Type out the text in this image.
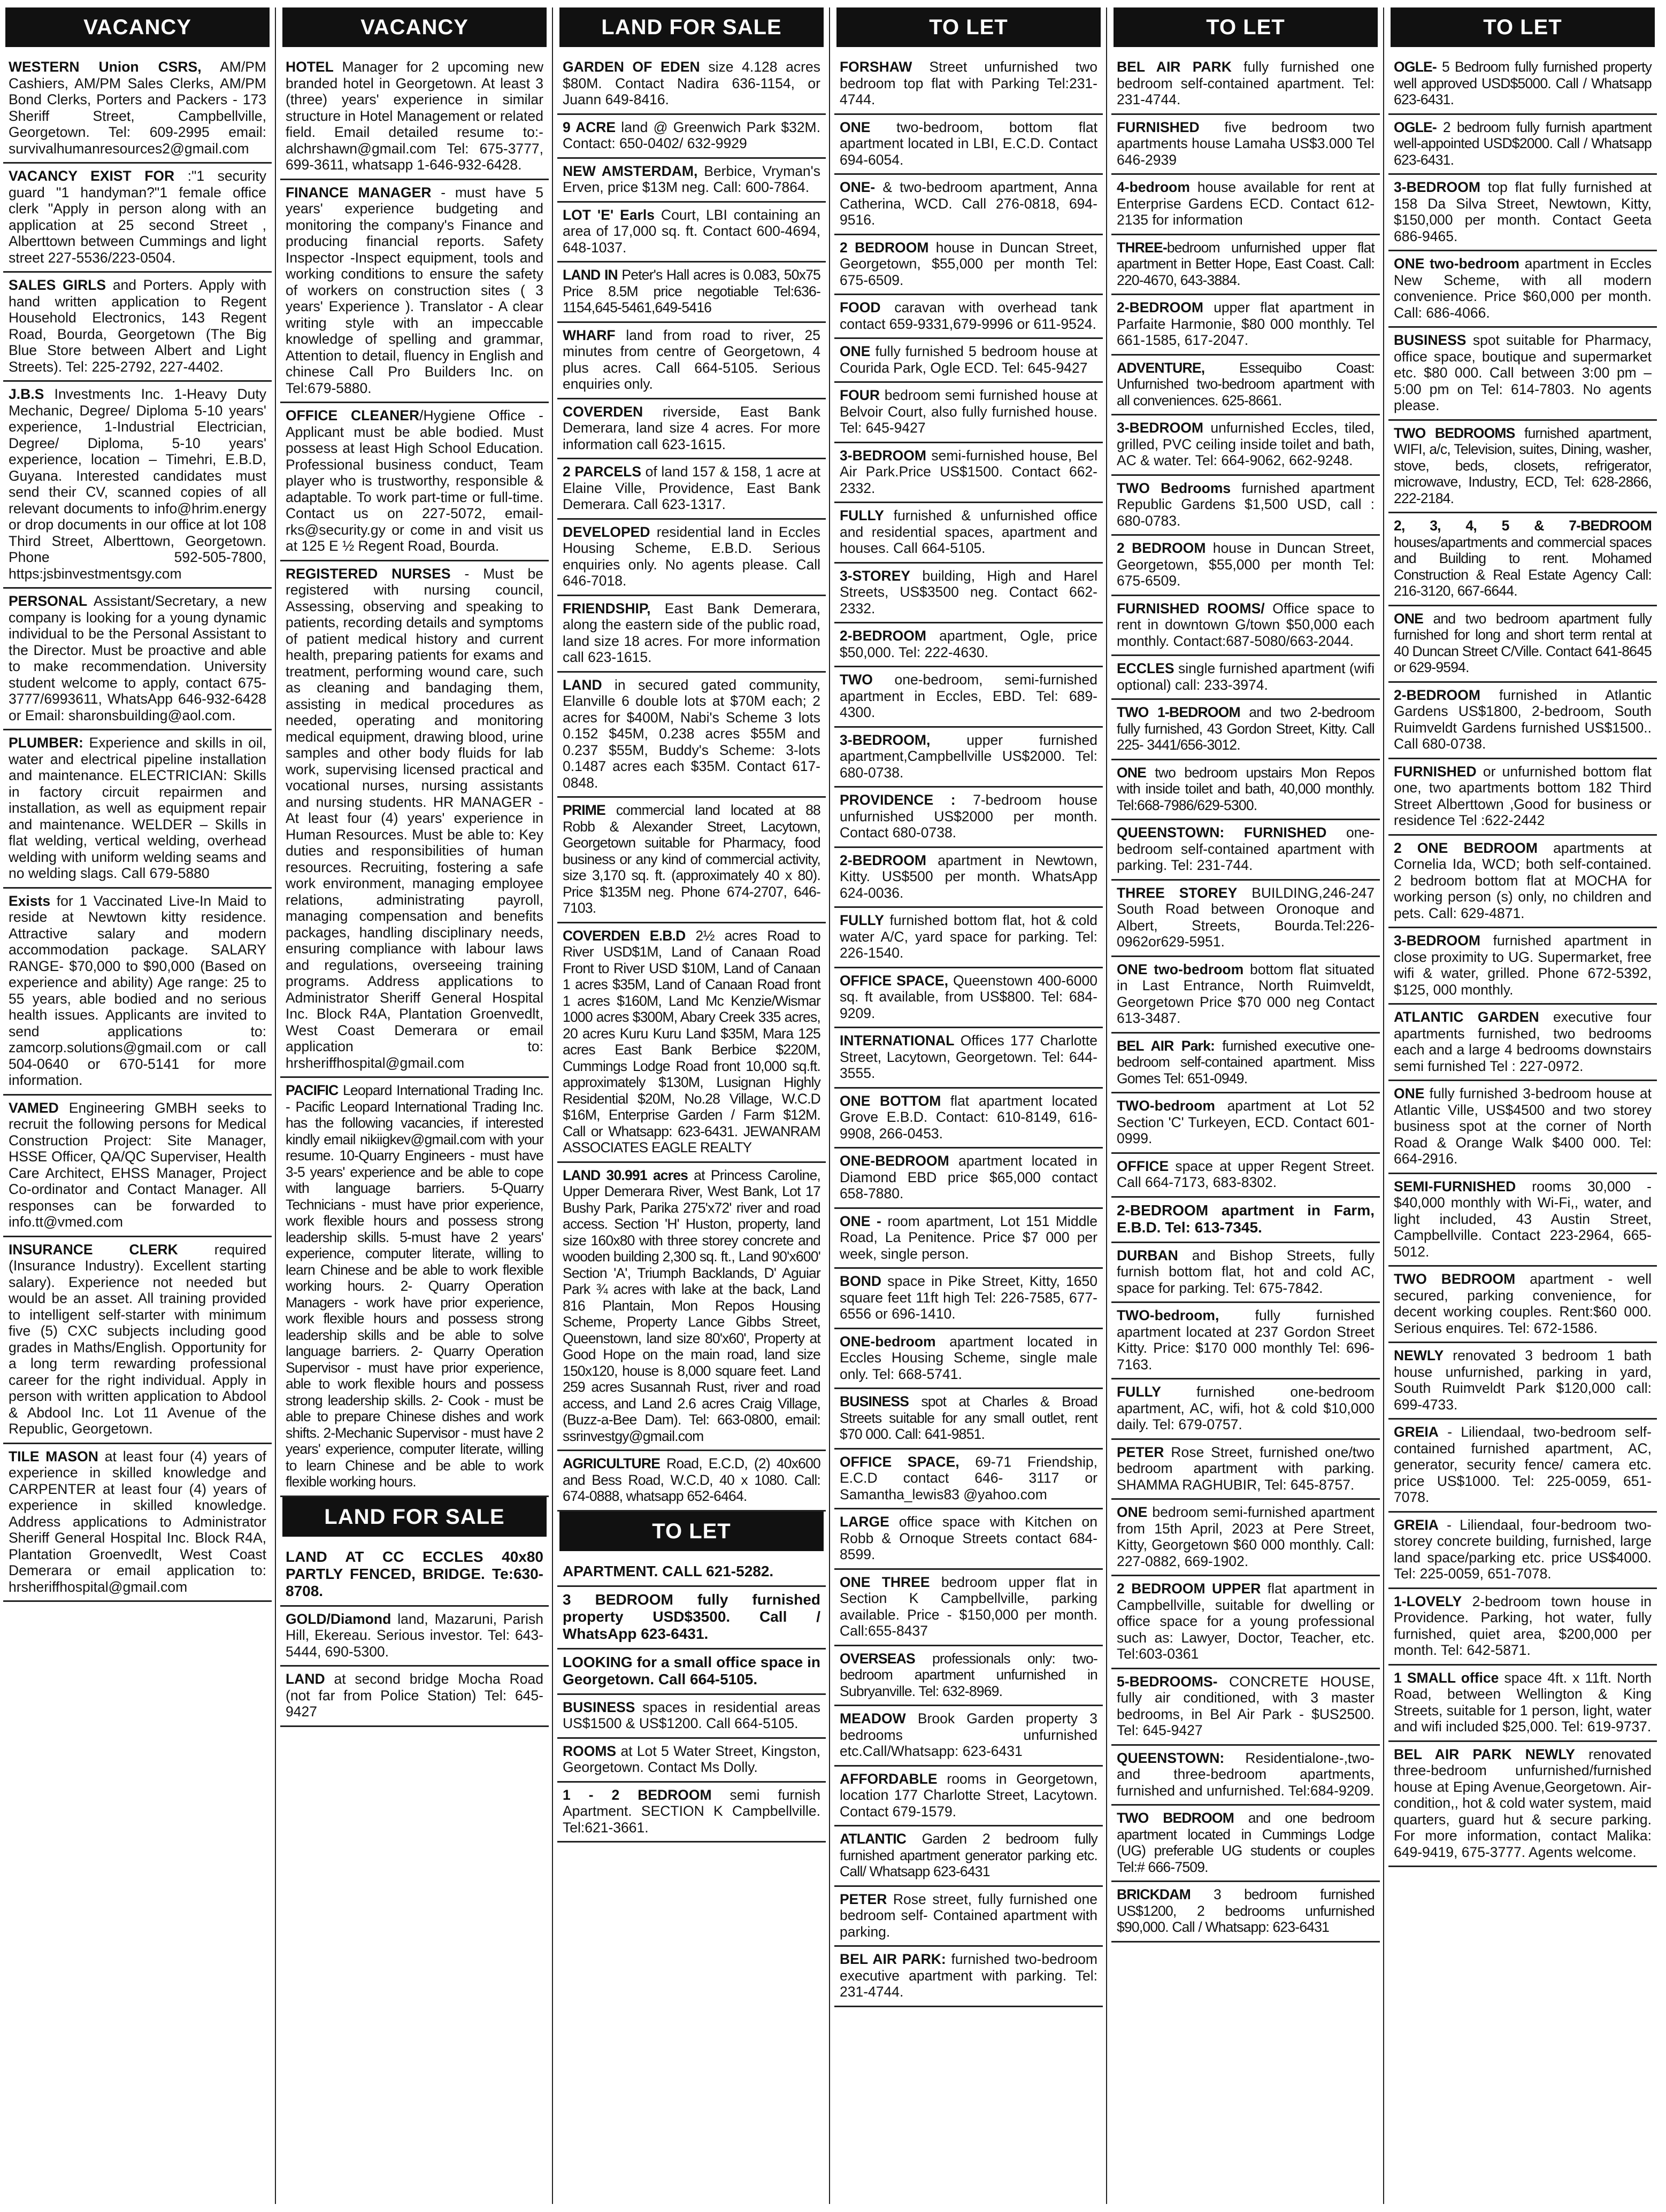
VACANCY
WESTERN Union CSRS, AM/PM Cashiers, AM/PM Sales Clerks, AM/PM Bond Clerks, Porters and Packers - 173 Sheriff Street, Campbellville, Georgetown. Tel: 609-2995 email: survivalhumanresources2@gmail.com
VACANCY EXIST FOR :"1 security guard "1 handyman?"1 female office clerk "Apply in person along with an application at 25 second Street , Alberttown between Cummings and light street 227-5536/223-0504.
SALES GIRLS and Porters. Apply with hand written application to Regent Household Electronics, 143 Regent Road, Bourda, Georgetown (The Big Blue Store between Albert and Light Streets). Tel: 225-2792, 227-4402.
J.B.S Investments Inc. 1-Heavy Duty Mechanic, Degree/ Diploma 5-10 years' experience, 1-Industrial Electrician, Degree/ Diploma, 5-10 years' experience, location – Timehri, E.B.D, Guyana. Interested candidates must send their CV, scanned copies of all relevant documents to info@hrim.energy or drop documents in our office at lot 108 Third Street, Alberttown, Georgetown. Phone 592-505-7800, https:jsbinvestmentsgy.com
PERSONAL Assistant/Secretary, a new company is looking for a young dynamic individual to be the Personal Assistant to the Director. Must be proactive and able to make recommendation. University student welcome to apply, contact 675-3777/6993611, WhatsApp 646-932-6428 or Email: sharonsbuilding@aol.com.
PLUMBER: Experience and skills in oil, water and electrical pipeline installation and maintenance. ELECTRICIAN: Skills in factory circuit repairmen and installation, as well as equipment repair and maintenance. WELDER – Skills in flat welding, vertical welding, overhead welding with uniform welding seams and no welding slags. Call 679-5880
Exists for 1 Vaccinated Live-In Maid to reside at Newtown kitty residence. Attractive salary and modern accommodation package. SALARY RANGE- $70,000 to $90,000 (Based on experience and ability) Age range: 25 to 55 years, able bodied and no serious health issues. Applicants are invited to send applications to: zamcorp.solutions@gmail.com or call 504-0640 or 670-5141 for more information.
VAMED Engineering GMBH seeks to recruit the following persons for Medical Construction Project: Site Manager, HSSE Officer, QA/QC Superviser, Health Care Architect, EHSS Manager, Project Co-ordinator and Contact Manager. All responses can be forwarded to info.tt@vmed.com
INSURANCE CLERK required (Insurance Industry). Excellent starting salary). Experience not needed but would be an asset. All training provided to intelligent self-starter with minimum five (5) CXC subjects including good grades in Maths/English. Opportunity for a long term rewarding professional career for the right individual. Apply in person with written application to Abdool & Abdool Inc. Lot 11 Avenue of the Republic, Georgetown.
TILE MASON at least four (4) years of experience in skilled knowledge and CARPENTER at least four (4) years of experience in skilled knowledge. Address applications to Administrator Sheriff General Hospital Inc. Block R4A, Plantation Groenvedlt, West Coast Demerara or email application to: hrsheriffhospital@gmail.com
VACANCY
HOTEL Manager for 2 upcoming new branded hotel in Georgetown. At least 3 (three) years' experience in similar structure in Hotel Management or related field. Email detailed resume to:- alchrshawn@gmail.com Tel: 675-3777, 699-3611, whatsapp 1-646-932-6428.
FINANCE MANAGER - must have 5 years' experience budgeting and monitoring the company's Finance and producing financial reports. Safety Inspector -Inspect equipment, tools and working conditions to ensure the safety of workers on construction sites ( 3 years' Experience ). Translator - A clear writing style with an impeccable knowledge of spelling and grammar, Attention to detail, fluency in English and chinese Call Pro Builders Inc. on Tel:679-5880.
OFFICE CLEANER/Hygiene Office - Applicant must be able bodied. Must possess at least High School Education. Professional business conduct, Team player who is trustworthy, responsible & adaptable. To work part-time or full-time. Contact us on 227-5072, email-rks@security.gy or come in and visit us at 125 E ½ Regent Road, Bourda.
REGISTERED NURSES - Must be registered with nursing council, Assessing, observing and speaking to patients, recording details and symptoms of patient medical history and current health, preparing patients for exams and treatment, performing wound care, such as cleaning and bandaging them, assisting in medical procedures as needed, operating and monitoring medical equipment, drawing blood, urine samples and other body fluids for lab work, supervising licensed practical and vocational nurses, nursing assistants and nursing students. HR MANAGER - At least four (4) years' experience in Human Resources. Must be able to: Key duties and responsibilities of human resources. Recruiting, fostering a safe work environment, managing employee relations, administrating payroll, managing compensation and benefits packages, handling disciplinary needs, ensuring compliance with labour laws and regulations, overseeing training programs. Address applications to Administrator Sheriff General Hospital Inc. Block R4A, Plantation Groenvedlt, West Coast Demerara or email application to: hrsheriffhospital@gmail.com
PACIFIC Leopard International Trading Inc. - Pacific Leopard International Trading Inc. has the following vacancies, if interested kindly email nikiigkev@gmail.com with your resume. 10-Quarry Engineers - must have 3-5 years' experience and be able to cope with language barriers. 5-Quarry Technicians - must have prior experience, work flexible hours and possess strong leadership skills. 5-must have 2 years' experience, computer literate, willing to learn Chinese and be able to work flexible working hours. 2- Quarry Operation Managers - work have prior experience, work flexible hours and possess strong leadership skills and be able to solve language barriers. 2- Quarry Operation Supervisor - must have prior experience, able to work flexible hours and possess strong leadership skills. 2- Cook - must be able to prepare Chinese dishes and work shifts. 2-Mechanic Supervisor - must have 2 years' experience, computer literate, willing to learn Chinese and be able to work flexible working hours.
LAND FOR SALE
LAND AT CC ECCLES 40x80 PARTLY FENCED, BRIDGE. Te:630-8708.
GOLD/Diamond land, Mazaruni, Parish Hill, Ekereau. Serious investor. Tel: 643-5444, 690-5300.
LAND at second bridge Mocha Road (not far from Police Station) Tel: 645-9427
LAND FOR SALE
GARDEN OF EDEN size 4.128 acres $80M. Contact Nadira 636-1154, or Juann 649-8416.
9 ACRE land @ Greenwich Park $32M. Contact: 650-0402/ 632-9929
NEW AMSTERDAM, Berbice, Vryman's Erven, price $13M neg. Call: 600-7864.
LOT 'E' Earls Court, LBI containing an area of 17,000 sq. ft. Contact 600-4694, 648-1037.
LAND IN Peter's Hall acres is 0.083, 50x75 Price 8.5M price negotiable Tel:636-1154,645-5461,649-5416
WHARF land from road to river, 25 minutes from centre of Georgetown, 4 plus acres. Call 664-5105. Serious enquiries only.
COVERDEN riverside, East Bank Demerara, land size 4 acres. For more information call 623-1615.
2 PARCELS of land 157 & 158, 1 acre at Elaine Ville, Providence, East Bank Demerara. Call 623-1317.
DEVELOPED residential land in Eccles Housing Scheme, E.B.D. Serious enquiries only. No agents please. Call 646-7018.
FRIENDSHIP, East Bank Demerara, along the eastern side of the public road, land size 18 acres. For more information call 623-1615.
LAND in secured gated community, Elanville 6 double lots at $70M each; 2 acres for $400M, Nabi's Scheme 3 lots 0.152 $45M, 0.238 acres $55M and 0.237 $55M, Buddy's Scheme: 3-lots 0.1487 acres each $35M. Contact 617-0848.
PRIME commercial land located at 88 Robb & Alexander Street, Lacytown, Georgetown suitable for Pharmacy, food business or any kind of commercial activity, size 3,170 sq. ft. (approximately 40 x 80). Price $135M neg. Phone 674-2707, 646-7103.
COVERDEN E.B.D 2½ acres Road to River USD$1M, Land of Canaan Road Front to River USD $10M, Land of Canaan 1 acres $35M, Land of Canaan Road front 1 acres $160M, Land Mc Kenzie/Wismar 1000 acres $300M, Abary Creek 335 acres, 20 acres Kuru Kuru Land $35M, Mara 125 acres East Bank Berbice $220M, Cummings Lodge Road front 10,000 sq.ft. approximately $130M, Lusignan Highly Residential $20M, No.28 Village, W.C.D $16M, Enterprise Garden / Farm $12M. Call or Whatsapp: 623-6431. JEWANRAM ASSOCIATES EAGLE REALTY
LAND 30.991 acres at Princess Caroline, Upper Demerara River, West Bank, Lot 17 Bushy Park, Parika 275'x72' river and road access. Section 'H' Huston, property, land size 160x80 with three storey concrete and wooden building 2,300 sq. ft., Land 90'x600' Section 'A', Triumph Backlands, D' Aguiar Park ¾ acres with lake at the back, Land 816 Plantain, Mon Repos Housing Scheme, Property Lance Gibbs Street, Queenstown, land size 80'x60', Property at Good Hope on the main road, land size 150x120, house is 8,000 square feet. Land 259 acres Susannah Rust, river and road access, and Land 2.6 acres Craig Village, (Buzz-a-Bee Dam). Tel: 663-0800, email: ssrinvestgy@gmail.com
AGRICULTURE Road, E.C.D, (2) 40x600 and Bess Road, W.C.D, 40 x 1080. Call: 674-0888, whatsapp 652-6464.
TO LET
APARTMENT. CALL 621-5282.
3 BEDROOM fully furnished property USD$3500. Call / WhatsApp 623-6431.
LOOKING for a small office space in Georgetown. Call 664-5105.
BUSINESS spaces in residential areas US$1500 & US$1200. Call 664-5105.
ROOMS at Lot 5 Water Street, Kingston, Georgetown. Contact Ms Dolly.
1 - 2 BEDROOM semi furnish Apartment. SECTION K Campbellville. Tel:621-3661.
TO LET
FORSHAW Street unfurnished two bedroom top flat with Parking Tel:231-4744.
ONE two-bedroom, bottom flat apartment located in LBI, E.C.D. Contact 694-6054.
ONE- & two-bedroom apartment, Anna Catherina, WCD. Call 276-0818, 694-9516.
2 BEDROOM house in Duncan Street, Georgetown, $55,000 per month Tel: 675-6509.
FOOD caravan with overhead tank contact 659-9331,679-9996 or 611-9524.
ONE fully furnished 5 bedroom house at Courida Park, Ogle ECD. Tel: 645-9427
FOUR bedroom semi furnished house at Belvoir Court, also fully furnished house. Tel: 645-9427
3-BEDROOM semi-furnished house, Bel Air Park.Price US$1500. Contact 662-2332.
FULLY furnished & unfurnished office and residential spaces, apartment and houses. Call 664-5105.
3-STOREY building, High and Harel Streets, US$3500 neg. Contact 662-2332.
2-BEDROOM apartment, Ogle, price $50,000. Tel: 222-4630.
TWO one-bedroom, semi-furnished apartment in Eccles, EBD. Tel: 689-4300.
3-BEDROOM, upper furnished apartment,Campbellville US$2000. Tel: 680-0738.
PROVIDENCE : 7-bedroom house unfurnished US$2000 per month. Contact 680-0738.
2-BEDROOM apartment in Newtown, Kitty. US$500 per month. WhatsApp 624-0036.
FULLY furnished bottom flat, hot & cold water A/C, yard space for parking. Tel: 226-1540.
OFFICE SPACE, Queenstown 400-6000 sq. ft available, from US$800. Tel: 684-9209.
INTERNATIONAL Offices 177 Charlotte Street, Lacytown, Georgetown. Tel: 644-3555.
ONE BOTTOM flat apartment located Grove E.B.D. Contact: 610-8149, 616-9908, 266-0453.
ONE-BEDROOM apartment located in Diamond EBD price $65,000 contact 658-7880.
ONE - room apartment, Lot 151 Middle Road, La Penitence. Price $7 000 per week, single person.
BOND space in Pike Street, Kitty, 1650 square feet 11ft high Tel: 226-7585, 677-6556 or 696-1410.
ONE-bedroom apartment located in Eccles Housing Scheme, single male only. Tel: 668-5741.
BUSINESS spot at Charles & Broad Streets suitable for any small outlet, rent $70 000. Call: 641-9851.
OFFICE SPACE, 69-71 Friendship, E.C.D contact 646- 3117 or Samantha_lewis83 @yahoo.com
LARGE office space with Kitchen on Robb & Ornoque Streets contact 684-8599.
ONE THREE bedroom upper flat in Section K Campbellville, parking available. Price - $150,000 per month. Call:655-8437
OVERSEAS professionals only: two-bedroom apartment unfurnished in Subryanville. Tel: 632-8969.
MEADOW Brook Garden property 3 bedrooms unfurnished etc.Call/Whatsapp: 623-6431
AFFORDABLE rooms in Georgetown, location 177 Charlotte Street, Lacytown. Contact 679-1579.
ATLANTIC Garden 2 bedroom fully furnished apartment generator parking etc. Call/ Whatsapp 623-6431
PETER Rose street, fully furnished one bedroom self- Contained apartment with parking.
BEL AIR PARK: furnished two-bedroom executive apartment with parking. Tel: 231-4744.
TO LET
BEL AIR PARK fully furnished one bedroom self-contained apartment. Tel: 231-4744.
FURNISHED five bedroom two apartments house Lamaha US$3.000 Tel 646-2939
4-bedroom house available for rent at Enterprise Gardens ECD. Contact 612-2135 for information
THREE-bedroom unfurnished upper flat apartment in Better Hope, East Coast. Call: 220-4670, 643-3884.
2-BEDROOM upper flat apartment in Parfaite Harmonie, $80 000 monthly. Tel 661-1585, 617-2047.
ADVENTURE, Essequibo Coast: Unfurnished two-bedroom apartment with all conveniences. 625-8661.
3-BEDROOM unfurnished Eccles, tiled, grilled, PVC ceiling inside toilet and bath, AC & water. Tel: 664-9062, 662-9248.
TWO Bedrooms furnished apartment Republic Gardens $1,500 USD, call : 680-0783.
2 BEDROOM house in Duncan Street, Georgetown, $55,000 per month Tel: 675-6509.
FURNISHED ROOMS/ Office space to rent in downtown G/town $50,000 each monthly. Contact:687-5080/663-2044.
ECCLES single furnished apartment (wifi optional) call: 233-3974.
TWO 1-BEDROOM and two 2-bedroom fully furnished, 43 Gordon Street, Kitty. Call 225- 3441/656-3012.
ONE two bedroom upstairs Mon Repos with inside toilet and bath, 40,000 monthly. Tel:668-7986/629-5300.
QUEENSTOWN: FURNISHED one-bedroom self-contained apartment with parking. Tel: 231-744.
THREE STOREY BUILDING,246-247 South Road between Oronoque and Albert, Streets, Bourda.Tel:226-0962or629-5951.
ONE two-bedroom bottom flat situated in Last Entrance, North Ruimveldt, Georgetown Price $70 000 neg Contact 613-3487.
BEL AIR Park: furnished executive one-bedroom self-contained apartment. Miss Gomes Tel: 651-0949.
TWO-bedroom apartment at Lot 52 Section 'C' Turkeyen, ECD. Contact 601-0999.
OFFICE space at upper Regent Street. Call 664-7173, 683-8302.
2-BEDROOM apartment in Farm, E.B.D. Tel: 613-7345.
DURBAN and Bishop Streets, fully furnish bottom flat, hot and cold AC, space for parking. Tel: 675-7842.
TWO-bedroom, fully furnished apartment located at 237 Gordon Street Kitty. Price: $170 000 monthly Tel: 696-7163.
FULLY furnished one-bedroom apartment, AC, wifi, hot & cold $10,000 daily. Tel: 679-0757.
PETER Rose Street, furnished one/two bedroom apartment with parking. SHAMMA RAGHUBIR, Tel: 645-8757.
ONE bedroom semi-furnished apartment from 15th April, 2023 at Pere Street, Kitty, Georgetown $60 000 monthly. Call: 227-0882, 669-1902.
2 BEDROOM UPPER flat apartment in Campbellville, suitable for dwelling or office space for a young professional such as: Lawyer, Doctor, Teacher, etc. Tel:603-0361
5-BEDROOMS- CONCRETE HOUSE, fully air conditioned, with 3 master bedrooms, in Bel Air Park - $US2500. Tel: 645-9427
QUEENSTOWN: Residentialone-,two-and three-bedroom apartments, furnished and unfurnished. Tel:684-9209.
TWO BEDROOM and one bedroom apartment located in Cummings Lodge (UG) preferable UG students or couples Tel:# 666-7509.
BRICKDAM 3 bedroom furnished US$1200, 2 bedrooms unfurnished $90,000. Call / Whatsapp: 623-6431
TO LET
OGLE- 5 Bedroom fully furnished property well approved USD$5000. Call / Whatsapp 623-6431.
OGLE- 2 bedroom fully furnish apartment well-appointed USD$2000. Call / Whatsapp 623-6431.
3-BEDROOM top flat fully furnished at 158 Da Silva Street, Newtown, Kitty, $150,000 per month. Contact Geeta 686-9465.
ONE two-bedroom apartment in Eccles New Scheme, with all modern convenience. Price $60,000 per month. Call: 686-4066.
BUSINESS spot suitable for Pharmacy, office space, boutique and supermarket etc. $80 000. Call between 3:00 pm – 5:00 pm on Tel: 614-7803. No agents please.
TWO BEDROOMS furnished apartment, WIFI, a/c, Television, suites, Dining, washer, stove, beds, closets, refrigerator, microwave, Industry, ECD, Tel: 628-2866, 222-2184.
2, 3, 4, 5 & 7-BEDROOM houses/apartments and commercial spaces and Building to rent. Mohamed Construction & Real Estate Agency Call: 216-3120, 667-6644.
ONE and two bedroom apartment fully furnished for long and short term rental at 40 Duncan Street C/Ville. Contact 641-8645 or 629-9594.
2-BEDROOM furnished in Atlantic Gardens US$1800, 2-bedroom, South Ruimveldt Gardens furnished US$1500.. Call 680-0738.
FURNISHED or unfurnished bottom flat one, two apartments bottom 182 Third Street Alberttown ,Good for business or residence Tel :622-2442
2 ONE BEDROOM apartments at Cornelia Ida, WCD; both self-contained. 2 bedroom bottom flat at MOCHA for working person (s) only, no children and pets. Call: 629-4871.
3-BEDROOM furnished apartment in close proximity to UG. Supermarket, free wifi & water, grilled. Phone 672-5392, $125, 000 monthly.
ATLANTIC GARDEN executive four apartments furnished, two bedrooms each and a large 4 bedrooms downstairs semi furnished Tel : 227-0972.
ONE fully furnished 3-bedroom house at Atlantic Ville, US$4500 and two storey business spot at the corner of North Road & Orange Walk $400 000. Tel: 664-2916.
SEMI-FURNISHED rooms 30,000 - $40,000 monthly with Wi-Fi,, water, and light included, 43 Austin Street, Campbellville. Contact 223-2964, 665-5012.
TWO BEDROOM apartment - well secured, parking convenience, for decent working couples. Rent:$60 000. Serious enquires. Tel: 672-1586.
NEWLY renovated 3 bedroom 1 bath house unfurnished, parking in yard, South Ruimveldt Park $120,000 call: 699-4733.
GREIA - Liliendaal, two-bedroom self-contained furnished apartment, AC, generator, security fence/ camera etc. price US$1000. Tel: 225-0059, 651-7078.
GREIA - Liliendaal, four-bedroom two-storey concrete building, furnished, large land space/parking etc. price US$4000. Tel: 225-0059, 651-7078.
1-LOVELY 2-bedroom town house in Providence. Parking, hot water, fully furnished, quiet area, $200,000 per month. Tel: 642-5871.
1 SMALL office space 4ft. x 11ft. North Road, between Wellington & King Streets, suitable for 1 person, light, water and wifi included $25,000. Tel: 619-9737.
BEL AIR PARK NEWLY renovated three-bedroom unfurnished/furnished house at Eping Avenue,Georgetown. Air-condition,, hot & cold water system, maid quarters, guard hut & secure parking. For more information, contact Malika: 649-9419, 675-3777. Agents welcome.
